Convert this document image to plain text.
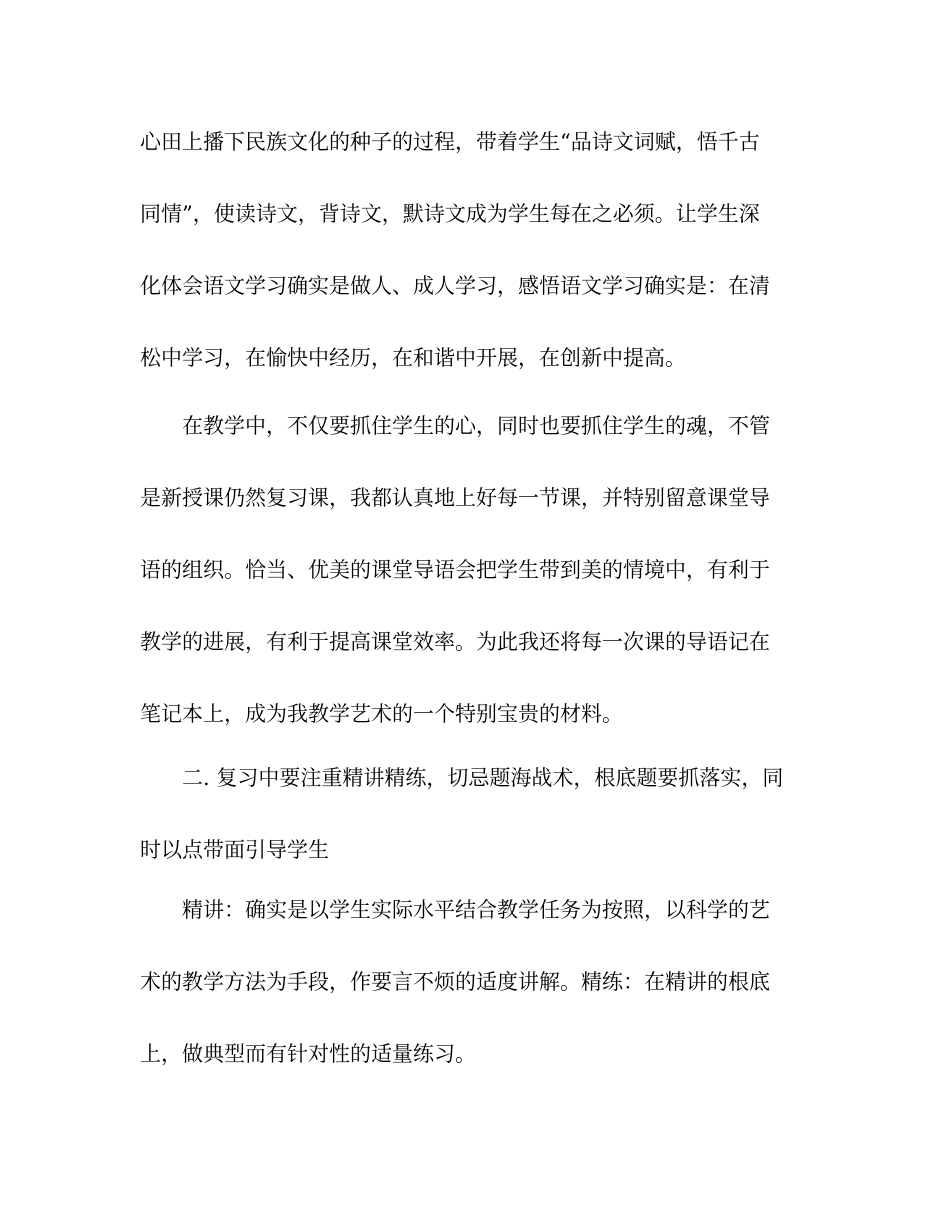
心田上播下民族文化的种子的过程，带着学生“品诗文词赋，悟千古
同情”，使读诗文，背诗文，默诗文成为学生每在之必须。让学生深
化体会语文学习确实是做人、成人学习，感悟语文学习确实是：在清
松中学习，在愉快中经历，在和谐中开展，在创新中提高。
在教学中，不仅要抓住学生的心，同时也要抓住学生的魂，不管
是新授课仍然复习课，我都认真地上好每一节课，并特别留意课堂导
语的组织。恰当、优美的课堂导语会把学生带到美的情境中，有利于
教学的进展，有利于提高课堂效率。为此我还将每一次课的导语记在
笔记本上，成为我教学艺术的一个特别宝贵的材料。
二. 复习中要注重精讲精练，切忌题海战术，根底题要抓落实，同
时以点带面引导学生
精讲：确实是以学生实际水平结合教学任务为按照，以科学的艺
术的教学方法为手段，作要言不烦的适度讲解。精练：在精讲的根底
上，做典型而有针对性的适量练习。
